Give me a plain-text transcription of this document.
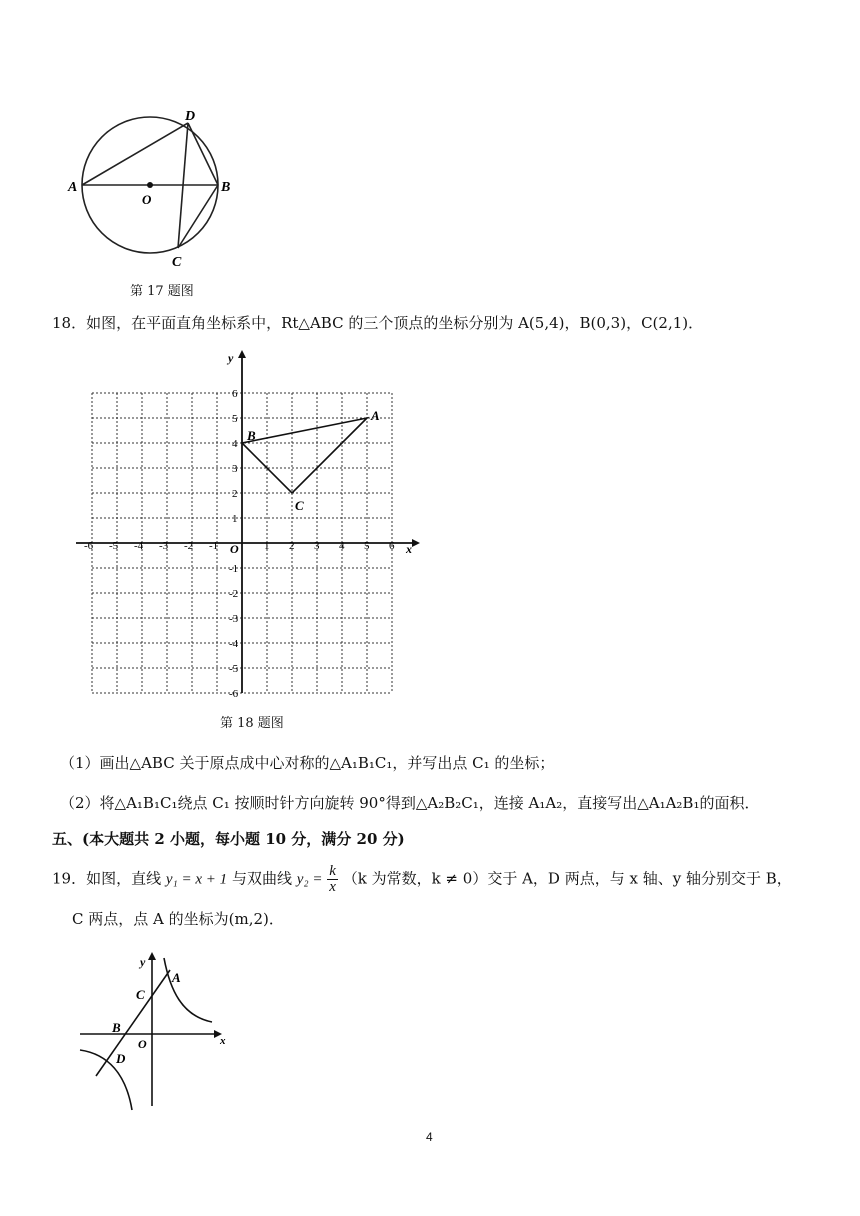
A	B
C
D
O
第 17 题图
18．如图，在平面直角坐标系中，Rt△ABC 的三个顶点的坐标分别为 A(5,4)，B(0,3)，C(2,1)．
x
y
O
-6 -5 -4 -3 -2 -1	1 2 3 4 5 6
6
5
4
3
2
1
-1
-2
-3
-4
-5
-6
A
B
C
第 18 题图
（1）画出△ABC 关于原点成中心对称的△A₁B₁C₁，并写出点 C₁ 的坐标；
（2）将△A₁B₁C₁绕点 C₁ 按顺时针方向旋转 90°得到△A₂B₂C₁，连接 A₁A₂，直接写出△A₁A₂B₁的面积．
五、(本大题共 2 小题，每小题 10 分，满分 20 分)
19．如图，直线 y₁ = x + 1 与双曲线 $y_2 = \frac{k}{x} (k$ 为常数，k ≠ 0）交于 A，D 两点，与 x 轴、y 轴分别交于 B，
C 两点，点 A 的坐标为(m,2)．
y
x
A
B
C
D
O
4
